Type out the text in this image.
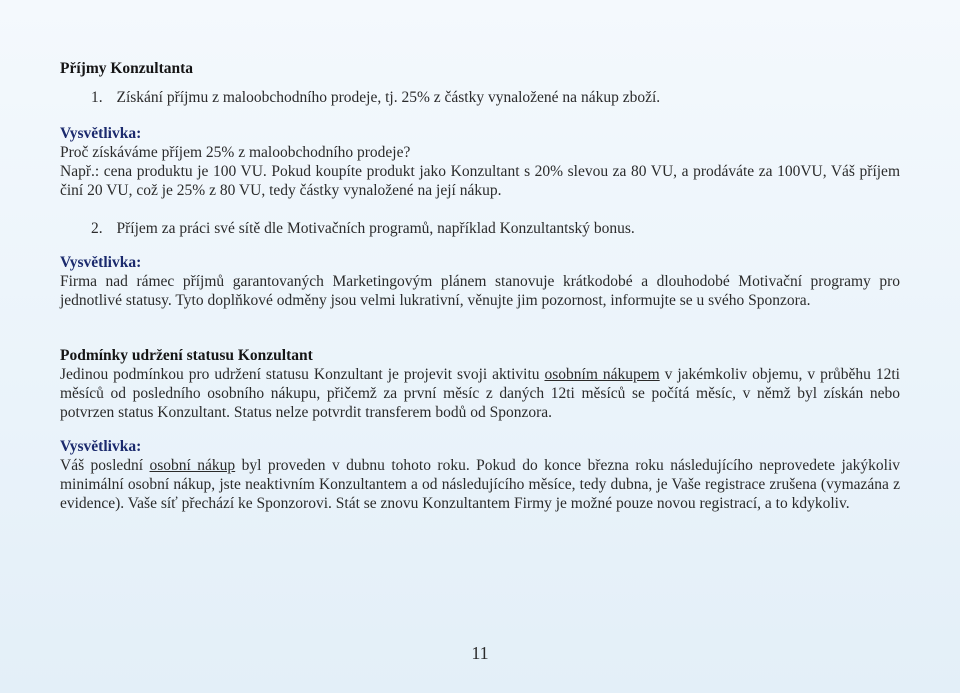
Příjmy Konzultanta

1. Získání příjmu z maloobchodního prodeje, tj. 25% z částky vynaložené na nákup zboží.

Vysvětlivka:

Proč získáváme příjem 25% z maloobchodního prodeje?

Např.: cena produktu je 100 VU. Pokud koupíte produkt jako Konzultant s 20% slevou za 80 VU, a prodáváte za 100VU, Váš příjem činí 20 VU, což je 25% z 80 VU, tedy částky vynaložené na její nákup.

2. Příjem za práci své sítě dle Motivačních programů, například Konzultantský bonus.

Vysvětlivka:

Firma nad rámec příjmů garantovaných Marketingovým plánem stanovuje krátkodobé a dlouhodobé Motivační programy pro jednotlivé statusy. Tyto doplňkové odměny jsou velmi lukrativní, věnujte jim pozornost, informujte se u svého Sponzora.

Podmínky udržení statusu Konzultant

Jedinou podmínkou pro udržení statusu Konzultant je projevit svoji aktivitu osobním nákupem v jakémkoliv objemu, v průběhu 12ti měsíců od posledního osobního nákupu, přičemž za první měsíc z daných 12ti měsíců se počítá měsíc, v němž byl získán nebo potvrzen status Konzultant. Status nelze potvrdit transferem bodů od Sponzora.

Vysvětlivka:

Váš poslední osobní nákup byl proveden v dubnu tohoto roku. Pokud do konce března roku následujícího neprovedete jakýkoliv minimální osobní nákup, jste neaktivním Konzultantem a od následujícího měsíce, tedy dubna, je Vaše registrace zrušena (vymazána z evidence). Vaše síť přechází ke Sponzorovi. Stát se znovu Konzultantem Firmy je možné pouze novou registrací, a to kdykoliv.

11
